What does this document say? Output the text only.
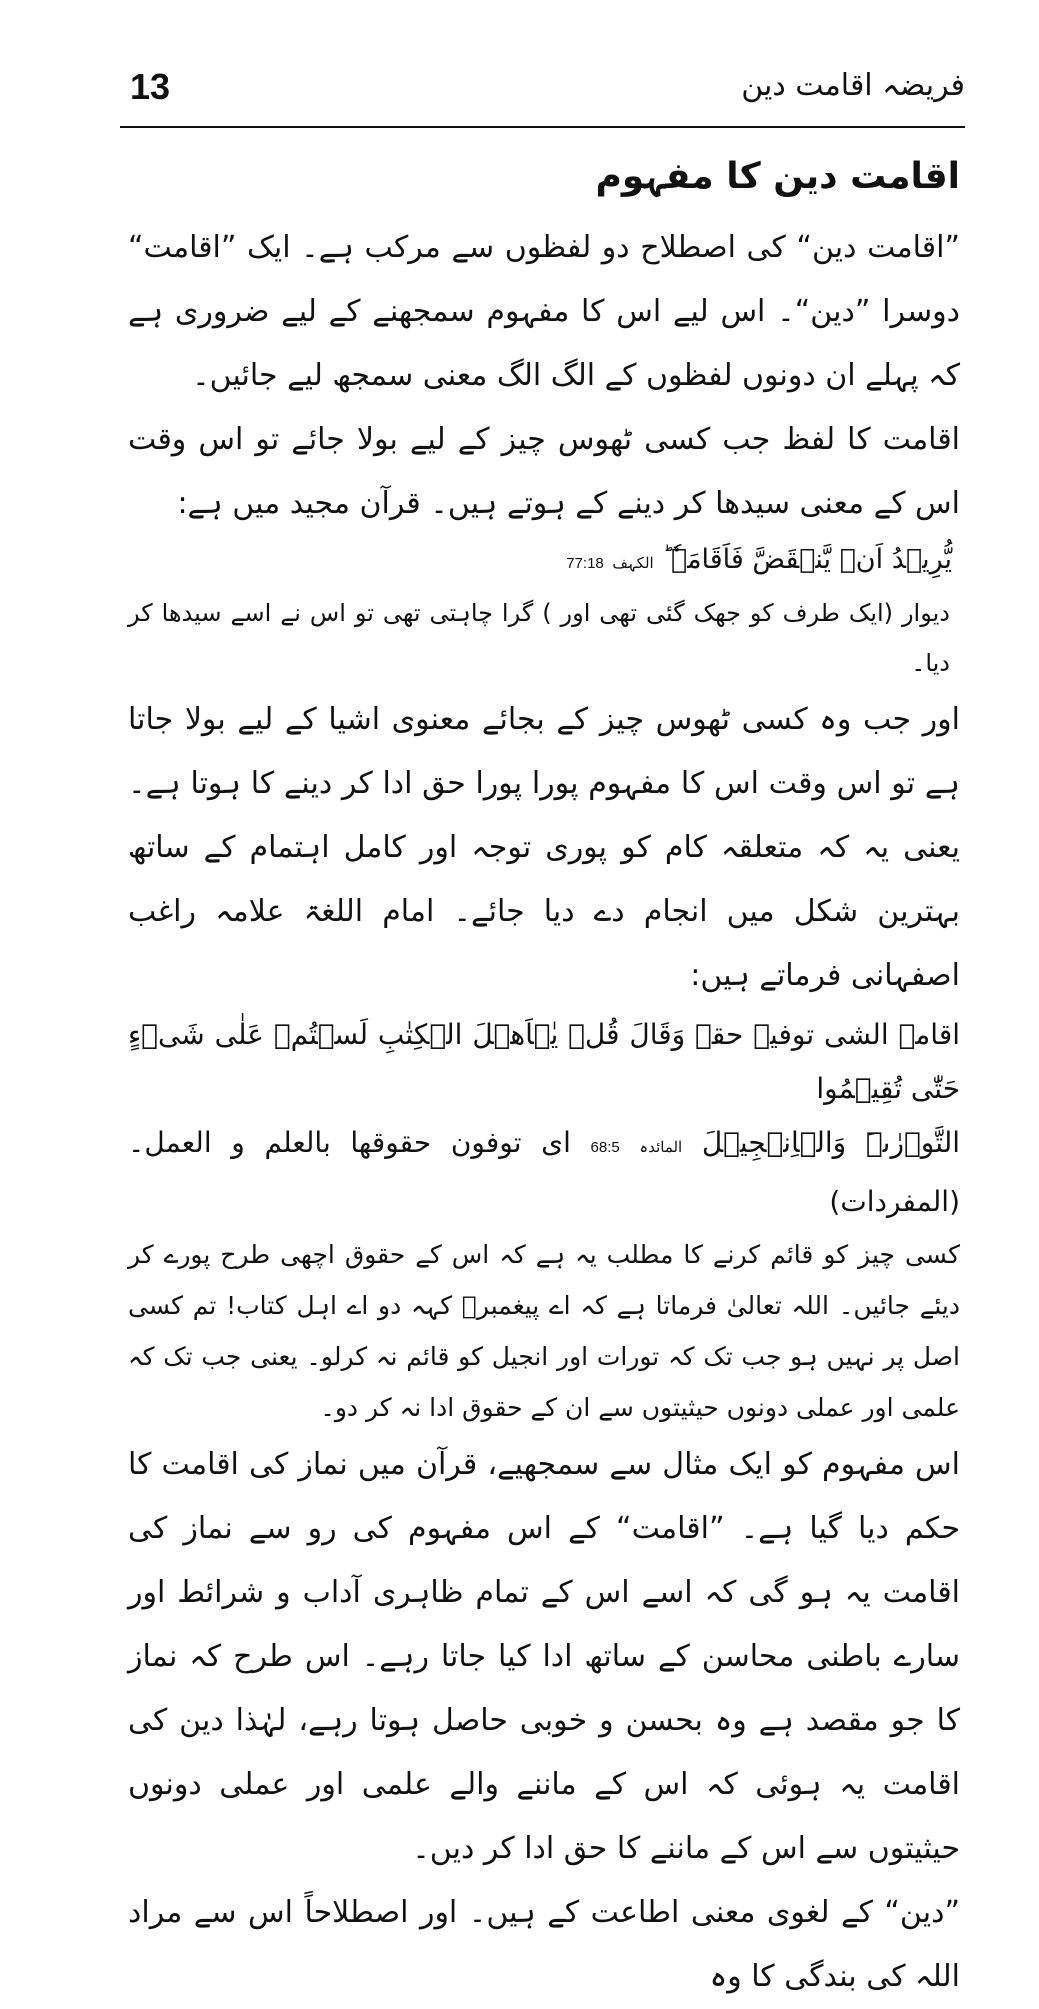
13	فریضہ اقامت دین

اقامت دین کا مفہوم

”اقامت دین“ کی اصطلاح دو لفظوں سے مرکب ہے۔ ایک ”اقامت“ دوسرا ”دین“۔ اس لیے اس کا مفہوم سمجھنے کے لیے ضروری ہے کہ پہلے ان دونوں لفظوں کے الگ الگ معنی سمجھ لیے جائیں۔

اقامت کا لفظ جب کسی ٹھوس چیز کے لیے بولا جائے تو اس وقت اس کے معنی سیدھا کر دینے کے ہوتے ہیں۔ قرآن مجید میں ہے:

یُّرِیۡدُ اَنۡ یَّنۡقَضَّ فَاَقَامَہٗ ؕ الکہف 77:18

دیوار (ایک طرف کو جھک گئی تھی اور ) گرا چاہتی تھی تو اس نے اسے سیدھا کر دیا۔

اور جب وہ کسی ٹھوس چیز کے بجائے معنوی اشیا کے لیے بولا جاتا ہے تو اس وقت اس کا مفہوم پورا پورا حق ادا کر دینے کا ہوتا ہے۔ یعنی یہ کہ متعلقہ کام کو پوری توجہ اور کامل اہتمام کے ساتھ بہترین شکل میں انجام دے دیا جائے۔ امام اللغۃ علامہ راغب اصفہانی فرماتے ہیں:

اقامۃ الشی توفیۃ حقہ وَقَالَ قُلۡ یٰۤاَھۡلَ الۡکِتٰبِ لَسۡتُمۡ عَلٰی شَیۡءٍ حَتّٰی تُقِیۡمُوا
التَّوۡرٰىۃَ وَالۡاِنۡجِیۡلَ المائدہ 68:5 ای توفون حقوقھا بالعلم و العمل۔ (المفردات)

کسی چیز کو قائم کرنے کا مطلب یہ ہے کہ اس کے حقوق اچھی طرح پورے کر دیئے جائیں۔ اللہ تعالیٰ فرماتا ہے کہ اے پیغمبرؐ کہہ دو اے اہل کتاب! تم کسی اصل پر نہیں ہو جب تک کہ تورات اور انجیل کو قائم نہ کرلو۔ یعنی جب تک کہ علمی اور عملی دونوں حیثیتوں سے ان کے حقوق ادا نہ کر دو۔

اس مفہوم کو ایک مثال سے سمجھیے، قرآن میں نماز کی اقامت کا حکم دیا گیا ہے۔ ”اقامت“ کے اس مفہوم کی رو سے نماز کی اقامت یہ ہو گی کہ اسے اس کے تمام ظاہری آداب و شرائط اور سارے باطنی محاسن کے ساتھ ادا کیا جاتا رہے۔ اس طرح کہ نماز کا جو مقصد ہے وہ بحسن و خوبی حاصل ہوتا رہے، لہٰذا دین کی اقامت یہ ہوئی کہ اس کے ماننے والے علمی اور عملی دونوں حیثیتوں سے اس کے ماننے کا حق ادا کر دیں۔

”دین“ کے لغوی معنی اطاعت کے ہیں۔ اور اصطلاحاً اس سے مراد اللہ کی بندگی کا وہ
